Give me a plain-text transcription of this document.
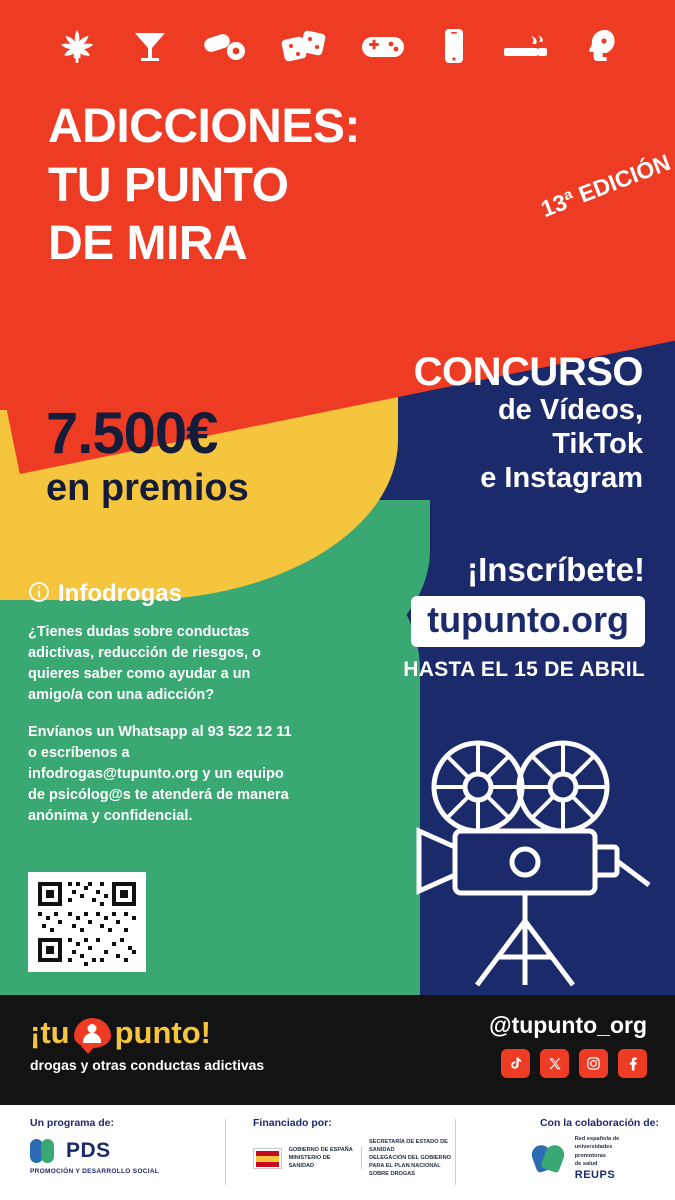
ADICCIONES:
TU PUNTO
DE MIRA
13ª EDICIÓN
7.500€
en premios
CONCURSO
de Vídeos,
TikTok
e Instagram
¡Inscríbete!
tupunto.org
HASTA EL 15 DE ABRIL
Infodrogas

¿Tienes dudas sobre conductas adictivas, reducción de riesgos, o quieres saber como ayudar a un amigo/a con una adicción?

Envíanos un Whatsapp al 93 522 12 11 o escríbenos a infodrogas@tupunto.org y un equipo de psicólog@s te atenderá de manera anónima y confidencial.

¡tu punto!
drogas y otras conductas adictivas
@tupunto_org
Un programa de:
PDS
PROMOCIÓN Y DESARROLLO SOCIAL
Financiado por:
GOBIERNO DE ESPAÑA
MINISTERIO DE SANIDAD
SECRETARÍA DE ESTADO DE SANIDAD
DELEGACIÓN DEL GOBIERNO PARA EL PLAN NACIONAL SOBRE DROGAS
Con la colaboración de:
Red española de
universidades
promotoras
de salud
REUPS
